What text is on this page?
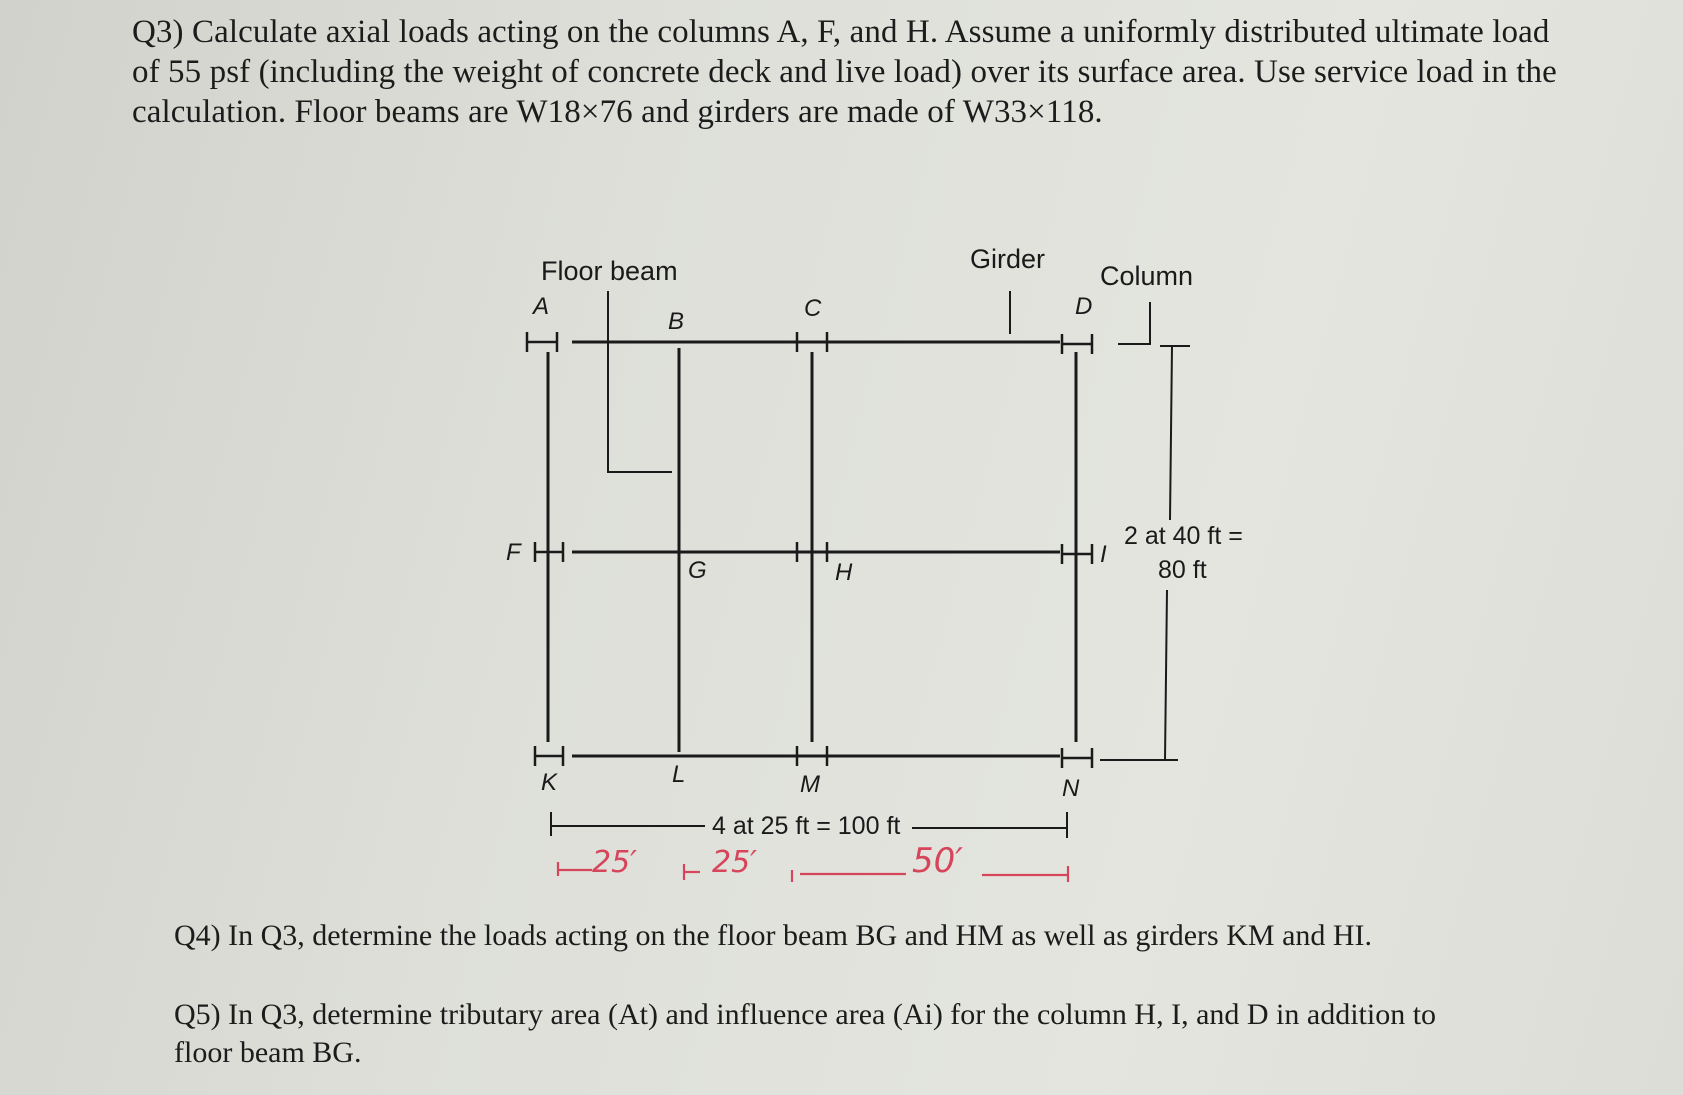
Q3) Calculate axial loads acting on the columns A, F, and H. Assume a uniformly distributed ultimate load

of 55 psf (including the weight of concrete deck and live load) over its surface area. Use service load in the

calculation. Floor beams are W18×76 and girders are made of W33×118.

Floor beam	Girder
Column
A
B	C	D
F
G	H
I
K	L	M	N
2 at 40 ft =
80 ft
4 at 25 ft = 100 ft
25′	25′	50′

Q4) In Q3, determine the loads acting on the floor beam BG and HM as well as girders KM and HI.

Q5) In Q3, determine tributary area (At) and influence area (Ai) for the column H, I, and D in addition to

floor beam BG.
